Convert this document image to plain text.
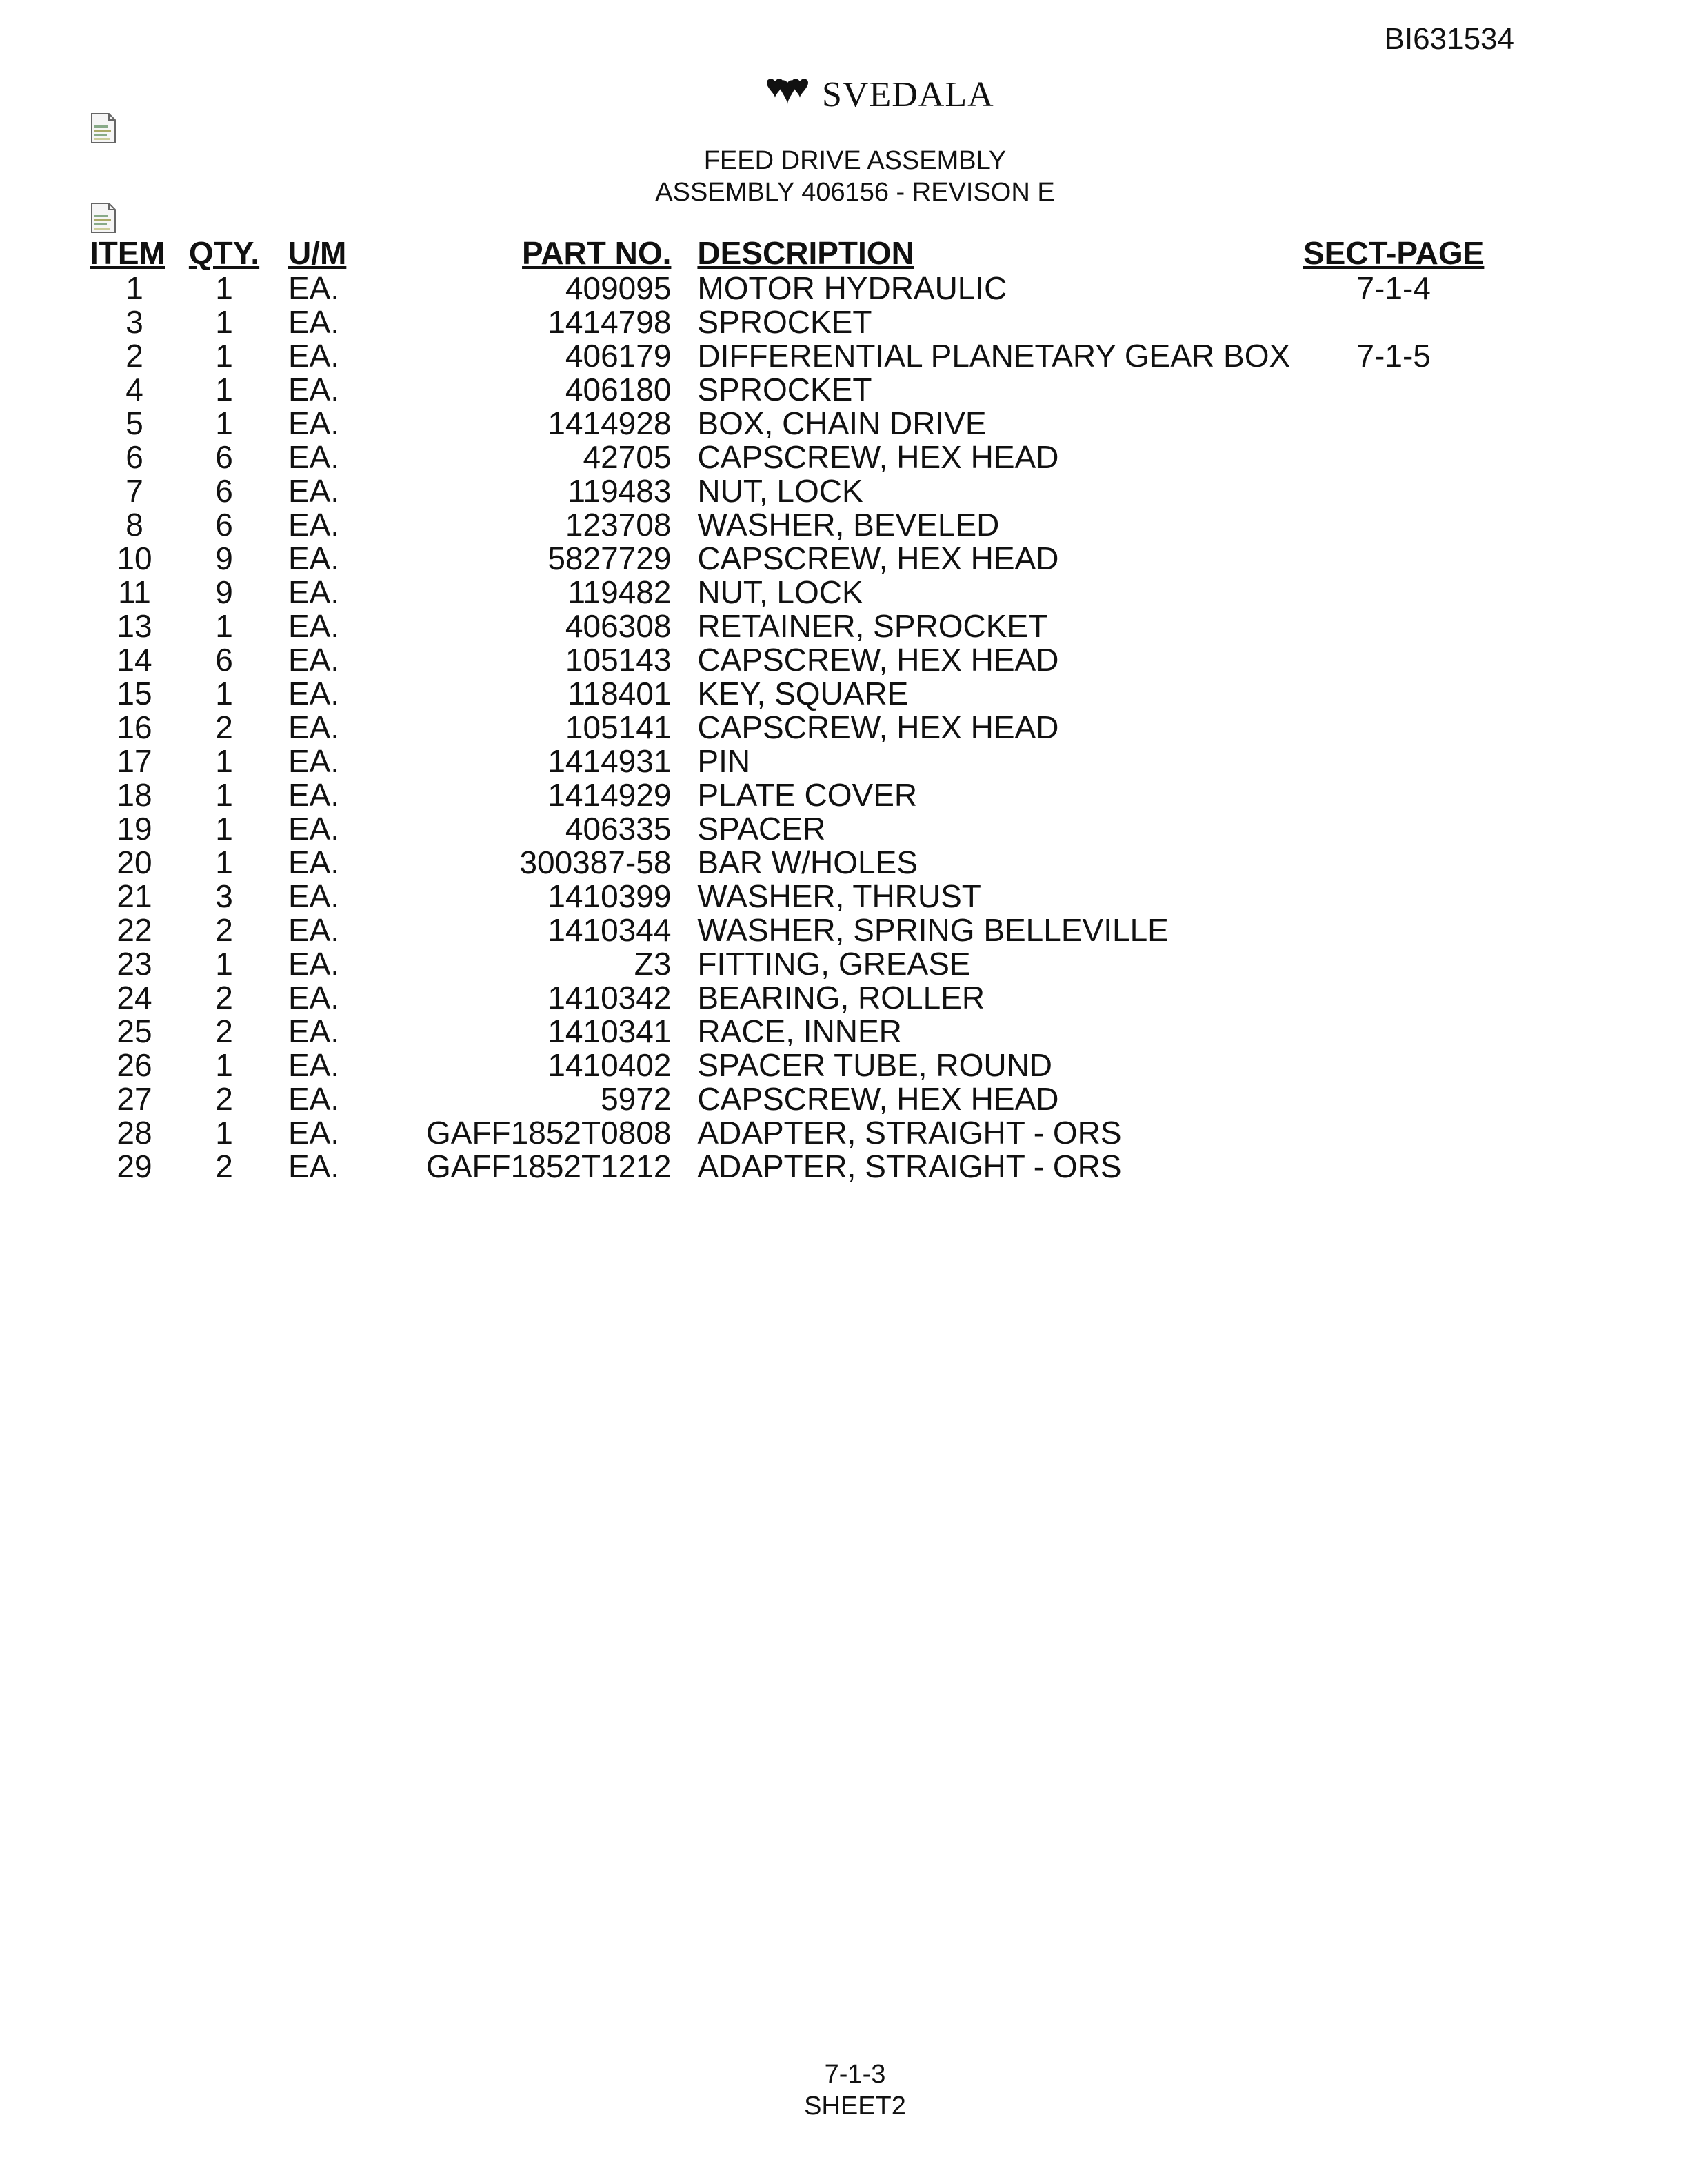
BI631534
SVEDALA
FEED DRIVE ASSEMBLY
ASSEMBLY 406156 - REVISON E
ITEM	QTY.	U/M	PART NO.	DESCRIPTION	SECT-PAGE
1	1	EA.	409095	MOTOR HYDRAULIC	7-1-4
3	1	EA.	1414798	SPROCKET	
2	1	EA.	406179	DIFFERENTIAL PLANETARY GEAR BOX	7-1-5
4	1	EA.	406180	SPROCKET	
5	1	EA.	1414928	BOX, CHAIN DRIVE	
6	6	EA.	42705	CAPSCREW, HEX HEAD	
7	6	EA.	119483	NUT, LOCK	
8	6	EA.	123708	WASHER, BEVELED	
10	9	EA.	5827729	CAPSCREW, HEX HEAD	
11	9	EA.	119482	NUT, LOCK	
13	1	EA.	406308	RETAINER, SPROCKET	
14	6	EA.	105143	CAPSCREW, HEX HEAD	
15	1	EA.	118401	KEY, SQUARE	
16	2	EA.	105141	CAPSCREW, HEX HEAD	
17	1	EA.	1414931	PIN	
18	1	EA.	1414929	PLATE COVER	
19	1	EA.	406335	SPACER	
20	1	EA.	300387-58	BAR W/HOLES	
21	3	EA.	1410399	WASHER, THRUST	
22	2	EA.	1410344	WASHER, SPRING BELLEVILLE	
23	1	EA.	Z3	FITTING, GREASE	
24	2	EA.	1410342	BEARING, ROLLER	
25	2	EA.	1410341	RACE, INNER	
26	1	EA.	1410402	SPACER TUBE, ROUND	
27	2	EA.	5972	CAPSCREW, HEX HEAD	
28	1	EA.	GAFF1852T0808	ADAPTER, STRAIGHT - ORS	
29	2	EA.	GAFF1852T1212	ADAPTER, STRAIGHT - ORS	
7-1-3
SHEET2
